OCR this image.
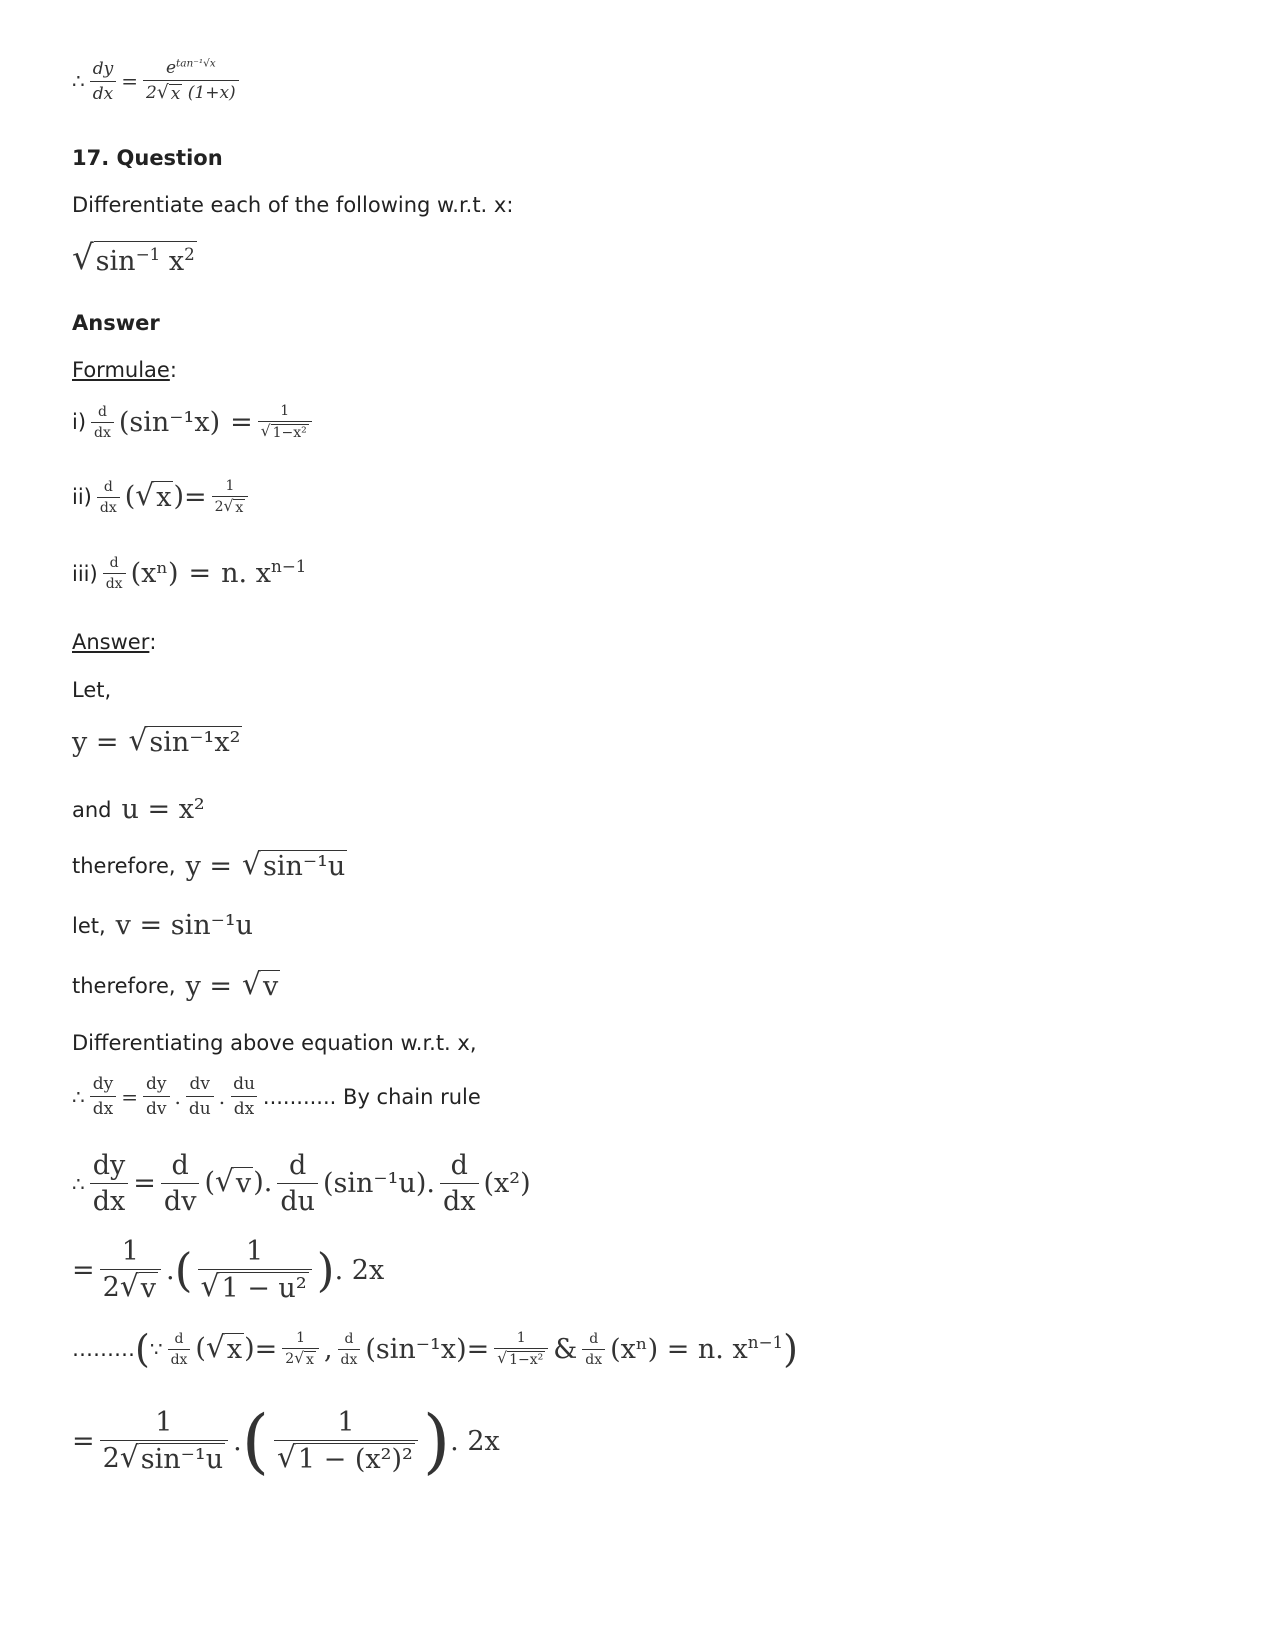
∴ $\frac{dy}{dx} = \frac{e^{tan^{-1}√x}}{2 √ x (1+x)}$
17. Question
Differentiate each of the following w.r.t. x:
√ $\sin^{-1} x^2$
Answer
Formulae :
$i) \frac{d}{dx} (\sin^{-1}x) = \frac{1}{\text{√ 1−x²}}$
$ii) \frac{d}{dx}$ ( √ x ) = $\frac{1}{2 √ x}$
$iii) \frac{d}{dx} (x^n) = n$. $x^{n-1}$
Answer :
Let,
y = √ sin⁻¹x²
and u = x²
therefore, y = √ sin⁻¹u
let, v = sin⁻¹u
therefore, y = √ v
Differentiating above equation w.r.t. x,
∴ $\frac{dy}{dx} = \frac{dy}{dv}$ . $\frac{dv}{du}$ . $\frac{du}{dx}$ ...........
By chain rule
∴ $\frac{dy}{dx} = \frac{d}{dv}$ ( √ v ). $\frac{d}{du} (\sin^{-1}u)$. $\frac{d}{dx} (x^2)$
= $\frac{1}{2 √ v}$ . ( $\frac{1}{\text{√ 1 − u²}}$ ) . 2x
……… ( ∵ $\frac{d}{dx}$ ( √ x ) = $\frac{1}{2 √ x}$ , $\frac{d}{dx} (\sin^{-1}x) = \frac{1}{\text{√ 1−x²}}$ & $\frac{d}{dx} (x^n) = n$. $x^{n-1}$ )
= $\frac{1}{\text{2 √ sin⁻¹u}}$ . ( $\frac{1}{\text{√ 1 − (x²)²}}$ ) . 2x
